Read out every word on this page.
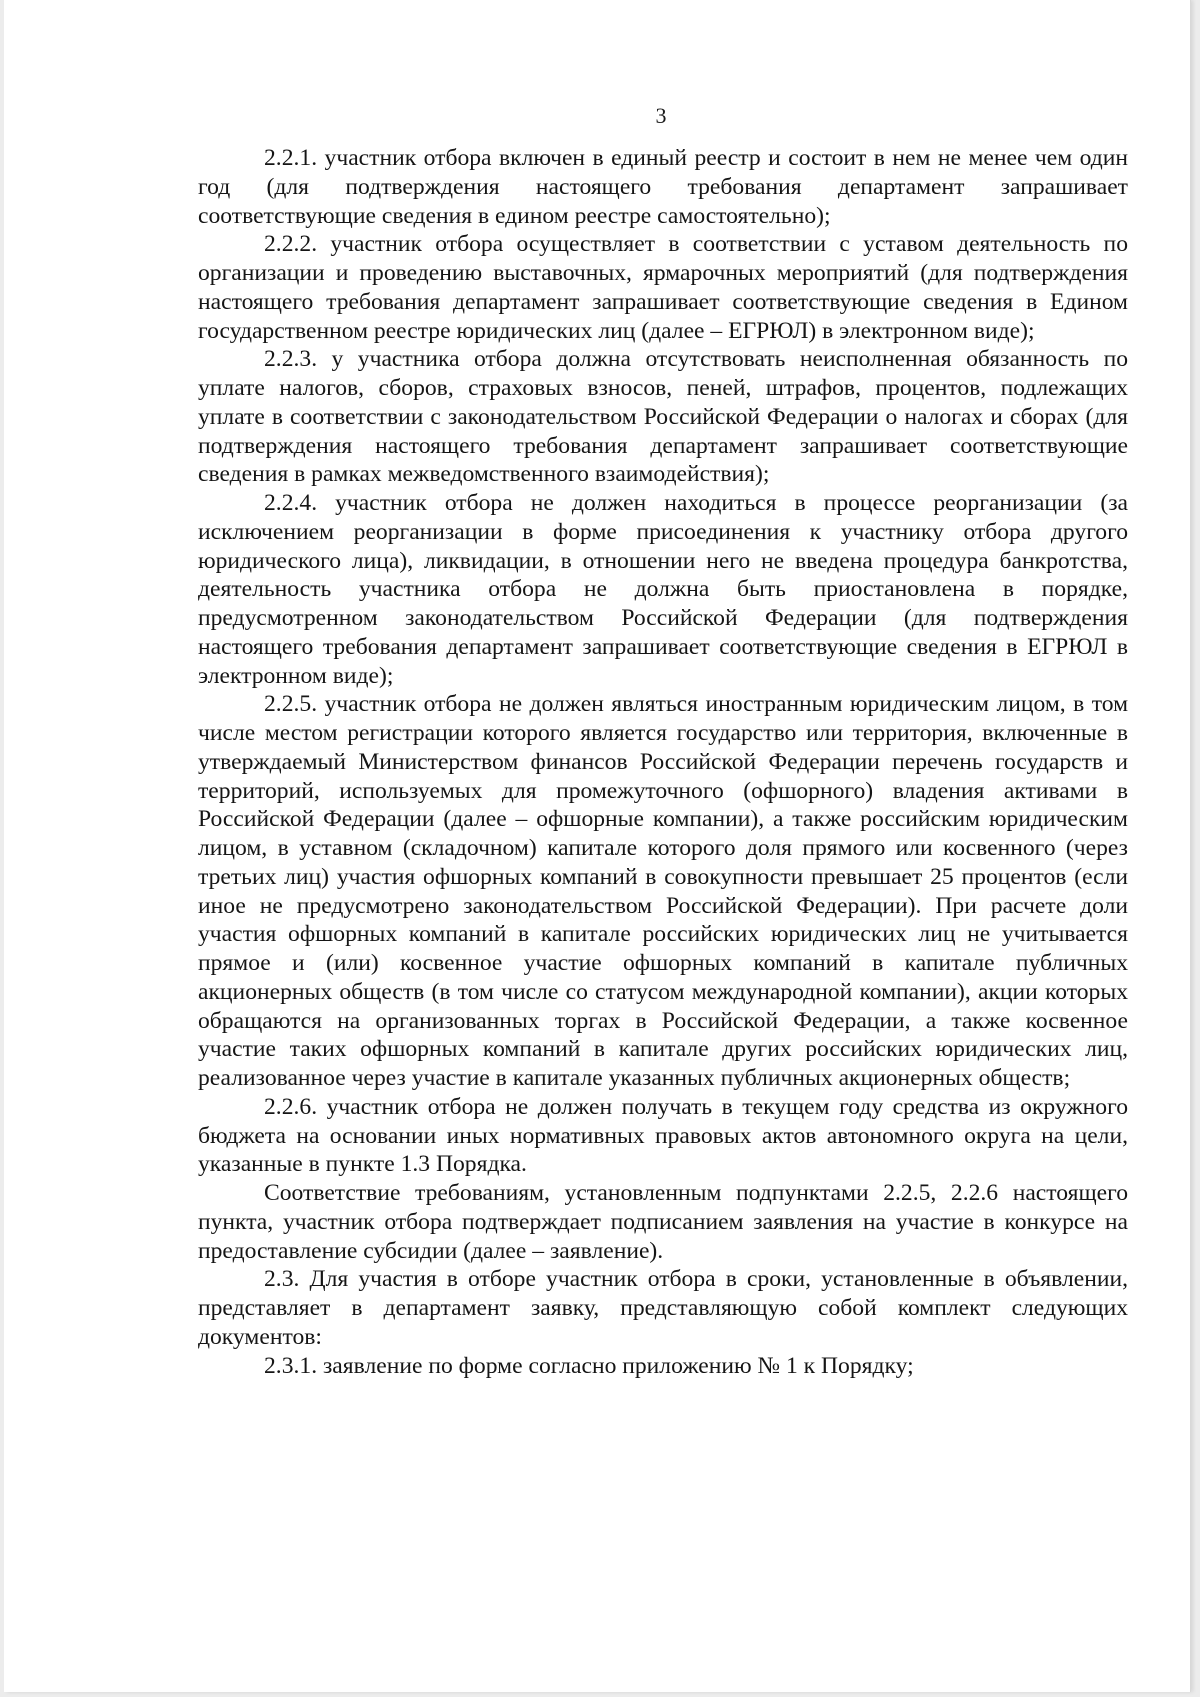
3

2.2.1. участник отбора включен в единый реестр и состоит в нем не менее чем один год (для подтверждения настоящего требования департамент запрашивает соответствующие сведения в едином реестре самостоятельно);

2.2.2. участник отбора осуществляет в соответствии с уставом деятельность по организации и проведению выставочных, ярмарочных мероприятий (для подтверждения настоящего требования департамент запрашивает соответствующие сведения в Едином государственном реестре юридических лиц (далее – ЕГРЮЛ) в электронном виде);

2.2.3. у участника отбора должна отсутствовать неисполненная обязанность по уплате налогов, сборов, страховых взносов, пеней, штрафов, процентов, подлежащих уплате в соответствии с законодательством Российской Федерации о налогах и сборах (для подтверждения настоящего требования департамент запрашивает соответствующие сведения в рамках межведомственного взаимодействия);

2.2.4. участник отбора не должен находиться в процессе реорганизации (за исключением реорганизации в форме присоединения к участнику отбора другого юридического лица), ликвидации, в отношении него не введена процедура банкротства, деятельность участника отбора не должна быть приостановлена в порядке, предусмотренном законодательством Российской Федерации (для подтверждения настоящего требования департамент запрашивает соответствующие сведения в ЕГРЮЛ в электронном виде);

2.2.5. участник отбора не должен являться иностранным юридическим лицом, в том числе местом регистрации которого является государство или территория, включенные в утверждаемый Министерством финансов Российской Федерации перечень государств и территорий, используемых для промежуточного (офшорного) владения активами в Российской Федерации (далее – офшорные компании), а также российским юридическим лицом, в уставном (складочном) капитале которого доля прямого или косвенного (через третьих лиц) участия офшорных компаний в совокупности превышает 25 процентов (если иное не предусмотрено законодательством Российской Федерации). При расчете доли участия офшорных компаний в капитале российских юридических лиц не учитывается прямое и (или) косвенное участие офшорных компаний в капитале публичных акционерных обществ (в том числе со статусом международной компании), акции которых обращаются на организованных торгах в Российской Федерации, а также косвенное участие таких офшорных компаний в капитале других российских юридических лиц, реализованное через участие в капитале указанных публичных акционерных обществ;

2.2.6. участник отбора не должен получать в текущем году средства из окружного бюджета на основании иных нормативных правовых актов автономного округа на цели, указанные в пункте 1.3 Порядка.

Соответствие требованиям, установленным подпунктами 2.2.5, 2.2.6 настоящего пункта, участник отбора подтверждает подписанием заявления на участие в конкурсе на предоставление субсидии (далее – заявление).

2.3. Для участия в отборе участник отбора в сроки, установленные в объявлении, представляет в департамент заявку, представляющую собой комплект следующих документов:

2.3.1. заявление по форме согласно приложению № 1 к Порядку;
